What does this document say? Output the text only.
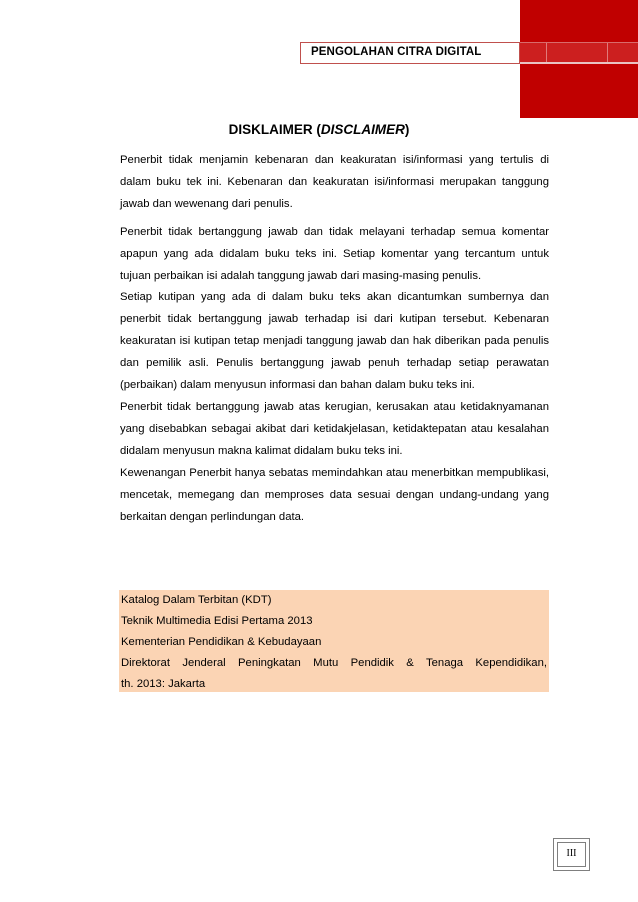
PENGOLAHAN CITRA DIGITAL
DISKLAIMER (DISCLAIMER)

Penerbit tidak menjamin kebenaran dan keakuratan isi/informasi yang tertulis di dalam buku tek ini. Kebenaran dan keakuratan isi/informasi merupakan tanggung jawab dan wewenang dari penulis.

Penerbit tidak bertanggung jawab dan tidak melayani terhadap semua komentar apapun yang ada didalam buku teks ini. Setiap komentar yang tercantum untuk tujuan perbaikan isi adalah tanggung jawab dari masing-masing penulis.

Setiap kutipan yang ada di dalam buku teks akan dicantumkan sumbernya dan penerbit tidak bertanggung jawab terhadap isi dari kutipan tersebut. Kebenaran keakuratan isi kutipan tetap menjadi tanggung jawab dan hak diberikan pada penulis dan pemilik asli. Penulis bertanggung jawab penuh terhadap setiap perawatan (perbaikan) dalam menyusun informasi dan bahan dalam buku teks ini.

Penerbit tidak bertanggung jawab atas kerugian, kerusakan atau ketidaknyamanan yang disebabkan sebagai akibat dari ketidakjelasan, ketidaktepatan atau kesalahan didalam menyusun makna kalimat didalam buku teks ini.

Kewenangan Penerbit hanya sebatas memindahkan atau menerbitkan mempublikasi, mencetak, memegang dan memproses data sesuai dengan undang-undang yang berkaitan dengan perlindungan data.

Katalog Dalam Terbitan (KDT)
Teknik Multimedia Edisi Pertama 2013
Kementerian Pendidikan & Kebudayaan
Direktorat Jenderal Peningkatan Mutu Pendidik & Tenaga Kependidikan,
th. 2013: Jakarta
III
